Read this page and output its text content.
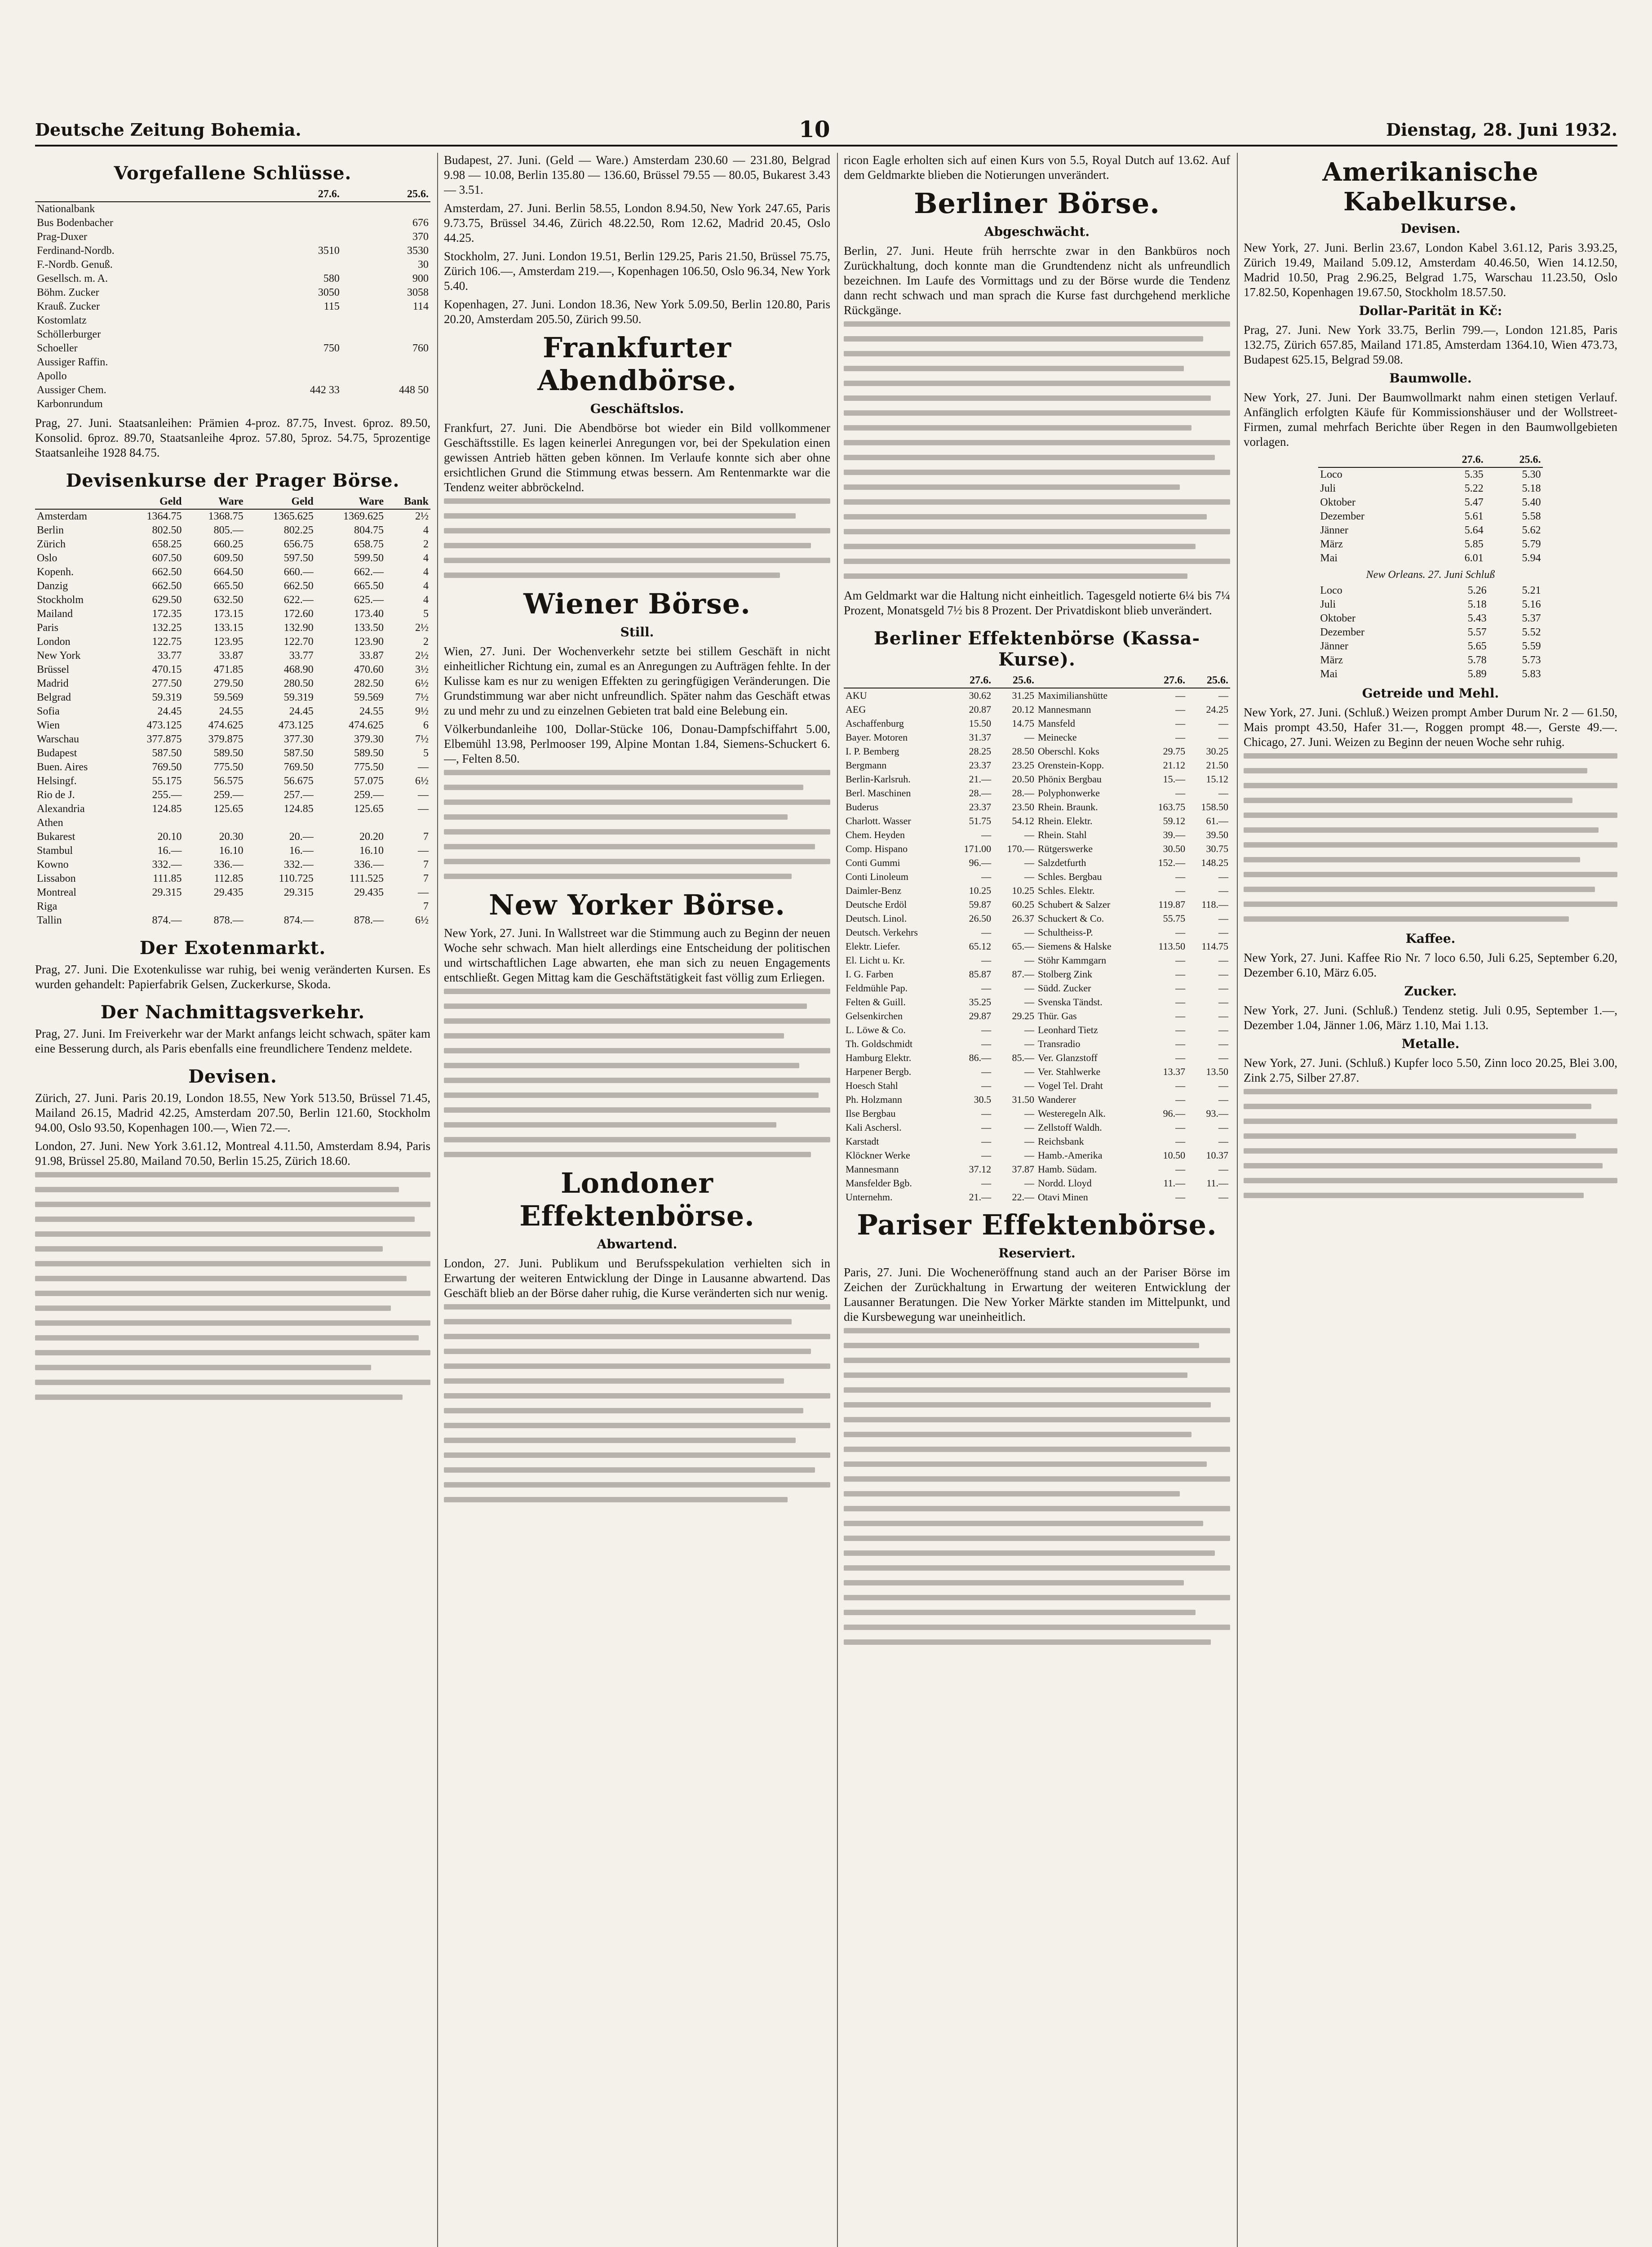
Deutsche Zeitung Bohemia.	10	Dienstag, 28. Juni 1932.
Vorgefallene Schlüsse.
	27.6.	25.6.
Nationalbank		
Bus Bodenbacher		676
Prag-Duxer		370
Ferdinand-Nordb.	3510	3530
F.-Nordb. Genuß.		30
Gesellsch. m. A.	580	900
Böhm. Zucker	3050	3058
Krauß. Zucker	115	114
Kostomlatz		
Schöllerburger		
Schoeller	750	760
Aussiger Raffin.		
Apollo		
Aussiger Chem.	442 33	448 50
Karbonrundum		

Prag, 27. Juni. Staatsanleihen: Prämien 4-proz. 87.75, Invest. 6proz. 89.50, Konsolid. 6proz. 89.70, Staatsanleihe 4proz. 57.80, 5proz. 54.75, 5prozentige Staatsanleihe 1928 84.75.

Devisenkurse der Prager Börse.
	Geld	Ware	Geld	Ware	Bank
Amsterdam	1364.75	1368.75	1365.625	1369.625	2½
Berlin	802.50	805.—	802.25	804.75	4
Zürich	658.25	660.25	656.75	658.75	2
Oslo	607.50	609.50	597.50	599.50	4
Kopenh.	662.50	664.50	660.—	662.—	4
Danzig	662.50	665.50	662.50	665.50	4
Stockholm	629.50	632.50	622.—	625.—	4
Mailand	172.35	173.15	172.60	173.40	5
Paris	132.25	133.15	132.90	133.50	2½
London	122.75	123.95	122.70	123.90	2
New York	33.77	33.87	33.77	33.87	2½
Brüssel	470.15	471.85	468.90	470.60	3½
Madrid	277.50	279.50	280.50	282.50	6½
Belgrad	59.319	59.569	59.319	59.569	7½
Sofia	24.45	24.55	24.45	24.55	9½
Wien	473.125	474.625	473.125	474.625	6
Warschau	377.875	379.875	377.30	379.30	7½
Budapest	587.50	589.50	587.50	589.50	5
Buen. Aires	769.50	775.50	769.50	775.50	—
Helsingf.	55.175	56.575	56.675	57.075	6½
Rio de J.	255.—	259.—	257.—	259.—	—
Alexandria	124.85	125.65	124.85	125.65	—
Athen					
Bukarest	20.10	20.30	20.—	20.20	7
Stambul	16.—	16.10	16.—	16.10	—
Kowno	332.—	336.—	332.—	336.—	7
Lissabon	111.85	112.85	110.725	111.525	7
Montreal	29.315	29.435	29.315	29.435	—
Riga					7
Tallin	874.—	878.—	874.—	878.—	6½
Der Exotenmarkt.

Prag, 27. Juni. Die Exotenkulisse war ruhig, bei wenig veränderten Kursen. Es wurden gehandelt: Papierfabrik Gelsen, Zuckerkurse, Skoda.

Der Nachmittagsverkehr.

Prag, 27. Juni. Im Freiverkehr war der Markt anfangs leicht schwach, später kam eine Besserung durch, als Paris ebenfalls eine freundlichere Tendenz meldete.

Devisen.

Zürich, 27. Juni. Paris 20.19, London 18.55, New York 513.50, Brüssel 71.45, Mailand 26.15, Madrid 42.25, Amsterdam 207.50, Berlin 121.60, Stockholm 94.00, Oslo 93.50, Kopenhagen 100.—, Wien 72.—.

London, 27. Juni. New York 3.61.12, Montreal 4.11.50, Amsterdam 8.94, Paris 91.98, Brüssel 25.80, Mailand 70.50, Berlin 15.25, Zürich 18.60.

Budapest, 27. Juni. (Geld — Ware.) Amsterdam 230.60 — 231.80, Belgrad 9.98 — 10.08, Berlin 135.80 — 136.60, Brüssel 79.55 — 80.05, Bukarest 3.43 — 3.51.

Amsterdam, 27. Juni. Berlin 58.55, London 8.94.50, New York 247.65, Paris 9.73.75, Brüssel 34.46, Zürich 48.22.50, Rom 12.62, Madrid 20.45, Oslo 44.25.

Stockholm, 27. Juni. London 19.51, Berlin 129.25, Paris 21.50, Brüssel 75.75, Zürich 106.—, Amsterdam 219.—, Kopenhagen 106.50, Oslo 96.34, New York 5.40.

Kopenhagen, 27. Juni. London 18.36, New York 5.09.50, Berlin 120.80, Paris 20.20, Amsterdam 205.50, Zürich 99.50.

Frankfurter Abendbörse.
Geschäftslos.

Frankfurt, 27. Juni. Die Abendbörse bot wieder ein Bild vollkommener Geschäftsstille. Es lagen keinerlei Anregungen vor, bei der Spekulation einen gewissen Antrieb hätten geben können. Im Verlaufe konnte sich aber ohne ersichtlichen Grund die Stimmung etwas bessern. Am Rentenmarkte war die Tendenz weiter abbröckelnd.

Wiener Börse.
Still.

Wien, 27. Juni. Der Wochenverkehr setzte bei stillem Geschäft in nicht einheitlicher Richtung ein, zumal es an Anregungen zu Aufträgen fehlte. In der Kulisse kam es nur zu wenigen Effekten zu geringfügigen Veränderungen. Die Grundstimmung war aber nicht unfreundlich. Später nahm das Geschäft etwas zu und mehr zu und zu einzelnen Gebieten trat bald eine Belebung ein.

Völkerbundanleihe 100, Dollar-Stücke 106, Donau-Dampfschiffahrt 5.00, Elbemühl 13.98, Perlmooser 199, Alpine Montan 1.84, Siemens-Schuckert 6.—, Felten 8.50.

New Yorker Börse.

New York, 27. Juni. In Wallstreet war die Stimmung auch zu Beginn der neuen Woche sehr schwach. Man hielt allerdings eine Entscheidung der politischen und wirtschaftlichen Lage abwarten, ehe man sich zu neuen Engagements entschließt. Gegen Mittag kam die Geschäftstätigkeit fast völlig zum Erliegen.

Londoner Effektenbörse.
Abwartend.

London, 27. Juni. Publikum und Berufsspekulation verhielten sich in Erwartung der weiteren Entwicklung der Dinge in Lausanne abwartend. Das Geschäft blieb an der Börse daher ruhig, die Kurse veränderten sich nur wenig.

ricon Eagle erholten sich auf einen Kurs von 5.5, Royal Dutch auf 13.62. Auf dem Geldmarkte blieben die Notierungen unverändert.

Berliner Börse.
Abgeschwächt.

Berlin, 27. Juni. Heute früh herrschte zwar in den Bankbüros noch Zurückhaltung, doch konnte man die Grundtendenz nicht als unfreundlich bezeichnen. Im Laufe des Vormittags und zu der Börse wurde die Tendenz dann recht schwach und man sprach die Kurse fast durchgehend merkliche Rückgänge.

Am Geldmarkt war die Haltung nicht einheitlich. Tagesgeld notierte 6¼ bis 7¼ Prozent, Monatsgeld 7½ bis 8 Prozent. Der Privatdiskont blieb unverändert.

Berliner Effektenbörse (Kassa-Kurse).
	27.6.	25.6.		27.6.	25.6.
AKU	30.62	31.25	Maximilianshütte	—	—
AEG	20.87	20.12	Mannesmann	—	24.25
Aschaffenburg	15.50	14.75	Mansfeld	—	—
Bayer. Motoren	31.37	—	Meinecke	—	—
I. P. Bemberg	28.25	28.50	Oberschl. Koks	29.75	30.25
Bergmann	23.37	23.25	Orenstein-Kopp.	21.12	21.50
Berlin-Karlsruh.	21.—	20.50	Phönix Bergbau	15.—	15.12
Berl. Maschinen	28.—	28.—	Polyphonwerke	—	—
Buderus	23.37	23.50	Rhein. Braunk.	163.75	158.50
Charlott. Wasser	51.75	54.12	Rhein. Elektr.	59.12	61.—
Chem. Heyden	—	—	Rhein. Stahl	39.—	39.50
Comp. Hispano	171.00	170.—	Rütgerswerke	30.50	30.75
Conti Gummi	96.—	—	Salzdetfurth	152.—	148.25
Conti Linoleum	—	—	Schles. Bergbau	—	—
Daimler-Benz	10.25	10.25	Schles. Elektr.	—	—
Deutsche Erdöl	59.87	60.25	Schubert & Salzer	119.87	118.—
Deutsch. Linol.	26.50	26.37	Schuckert & Co.	55.75	—
Deutsch. Verkehrs	—	—	Schultheiss-P.	—	—
Elektr. Liefer.	65.12	65.—	Siemens & Halske	113.50	114.75
El. Licht u. Kr.	—	—	Stöhr Kammgarn	—	—
I. G. Farben	85.87	87.—	Stolberg Zink	—	—
Feldmühle Pap.	—	—	Südd. Zucker	—	—
Felten & Guill.	35.25	—	Svenska Tändst.	—	—
Gelsenkirchen	29.87	29.25	Thür. Gas	—	—
L. Löwe & Co.	—	—	Leonhard Tietz	—	—
Th. Goldschmidt	—	—	Transradio	—	—
Hamburg Elektr.	86.—	85.—	Ver. Glanzstoff	—	—
Harpener Bergb.	—	—	Ver. Stahlwerke	13.37	13.50
Hoesch Stahl	—	—	Vogel Tel. Draht	—	—
Ph. Holzmann	30.5	31.50	Wanderer	—	—
Ilse Bergbau	—	—	Westeregeln Alk.	96.—	93.—
Kali Aschersl.	—	—	Zellstoff Waldh.	—	—
Karstadt	—	—	Reichsbank	—	—
Klöckner Werke	—	—	Hamb.-Amerika	10.50	10.37
Mannesmann	37.12	37.87	Hamb. Südam.	—	—
Mansfelder Bgb.	—	—	Nordd. Lloyd	11.—	11.—
Unternehm.	21.—	22.—	Otavi Minen	—	—
Pariser Effektenbörse.
Reserviert.

Paris, 27. Juni. Die Wocheneröffnung stand auch an der Pariser Börse im Zeichen der Zurückhaltung in Erwartung der weiteren Entwicklung der Lausanner Beratungen. Die New Yorker Märkte standen im Mittelpunkt, und die Kursbewegung war uneinheitlich.

Amerikanische Kabelkurse.
Devisen.

New York, 27. Juni. Berlin 23.67, London Kabel 3.61.12, Paris 3.93.25, Zürich 19.49, Mailand 5.09.12, Amsterdam 40.46.50, Wien 14.12.50, Madrid 10.50, Prag 2.96.25, Belgrad 1.75, Warschau 11.23.50, Oslo 17.82.50, Kopenhagen 19.67.50, Stockholm 18.57.50.

Dollar-Parität in Kč:

Prag, 27. Juni. New York 33.75, Berlin 799.—, London 121.85, Paris 132.75, Zürich 657.85, Mailand 171.85, Amsterdam 1364.10, Wien 473.73, Budapest 625.15, Belgrad 59.08.

Baumwolle.

New York, 27. Juni. Der Baumwollmarkt nahm einen stetigen Verlauf. Anfänglich erfolgten Käufe für Kommissionshäuser und der Wollstreet-Firmen, zumal mehrfach Berichte über Regen in den Baumwollgebieten vorlagen.

	27.6.	25.6.
Loco	5.35	5.30
Juli	5.22	5.18
Oktober	5.47	5.40
Dezember	5.61	5.58
Jänner	5.64	5.62
März	5.85	5.79
Mai	6.01	5.94
New Orleans. 27. Juni Schluß
Loco	5.26	5.21
Juli	5.18	5.16
Oktober	5.43	5.37
Dezember	5.57	5.52
Jänner	5.65	5.59
März	5.78	5.73
Mai	5.89	5.83
Getreide und Mehl.

New York, 27. Juni. (Schluß.) Weizen prompt Amber Durum Nr. 2 — 61.50, Mais prompt 43.50, Hafer 31.—, Roggen prompt 48.—, Gerste 49.—. Chicago, 27. Juni. Weizen zu Beginn der neuen Woche sehr ruhig.

Kaffee.

New York, 27. Juni. Kaffee Rio Nr. 7 loco 6.50, Juli 6.25, September 6.20, Dezember 6.10, März 6.05.

Zucker.

New York, 27. Juni. (Schluß.) Tendenz stetig. Juli 0.95, September 1.—, Dezember 1.04, Jänner 1.06, März 1.10, Mai 1.13.

Metalle.

New York, 27. Juni. (Schluß.) Kupfer loco 5.50, Zinn loco 20.25, Blei 3.00, Zink 2.75, Silber 27.87.
